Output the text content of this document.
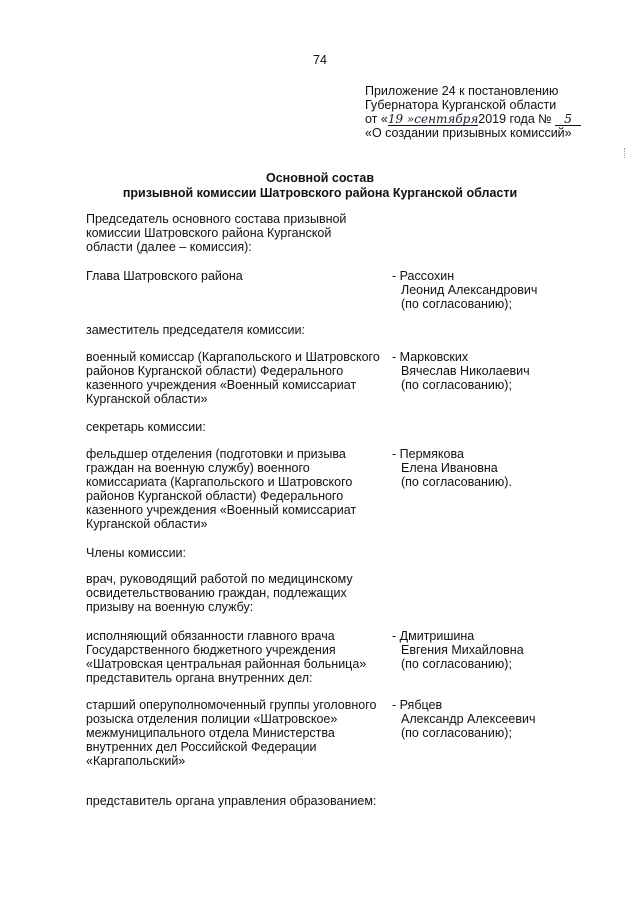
74
Приложение 24 к постановлению
Губернатора Курганской области
от «19 »сентября2019 года № 5
«О создании призывных комиссий»
Основной состав
призывной комиссии Шатровского района Курганской области
Председатель основного состава призывной
комиссии Шатровского района Курганской
области (далее – комиссия):
Глава Шатровского района	- Рассохин
Леонид Александрович
(по согласованию);
заместитель председателя комиссии:
военный комиссар (Каргапольского и Шатровского
районов Курганской области) Федерального
казенного учреждения «Военный комиссариат
Курганской области»
- Марковских
Вячеслав Николаевич
(по согласованию);
секретарь комиссии:
фельдшер отделения (подготовки и призыва
граждан на военную службу) военного
комиссариата (Каргапольского и Шатровского
районов Курганской области) Федерального
казенного учреждения «Военный комиссариат
Курганской области»
- Пермякова
Елена Ивановна
(по согласованию).
Члены комиссии:
врач, руководящий работой по медицинскому
освидетельствованию граждан, подлежащих
призыву на военную службу:
исполняющий обязанности главного врача
Государственного бюджетного учреждения
«Шатровская центральная районная больница»
представитель органа внутренних дел:
- Дмитришина
Евгения Михайловна
(по согласованию);
старший оперуполномоченный группы уголовного
розыска отделения полиции «Шатровское»
межмуниципального отдела Министерства
внутренних дел Российской Федерации
«Каргапольский»
- Рябцев
Александр Алексеевич
(по согласованию);
представитель органа управления образованием:
